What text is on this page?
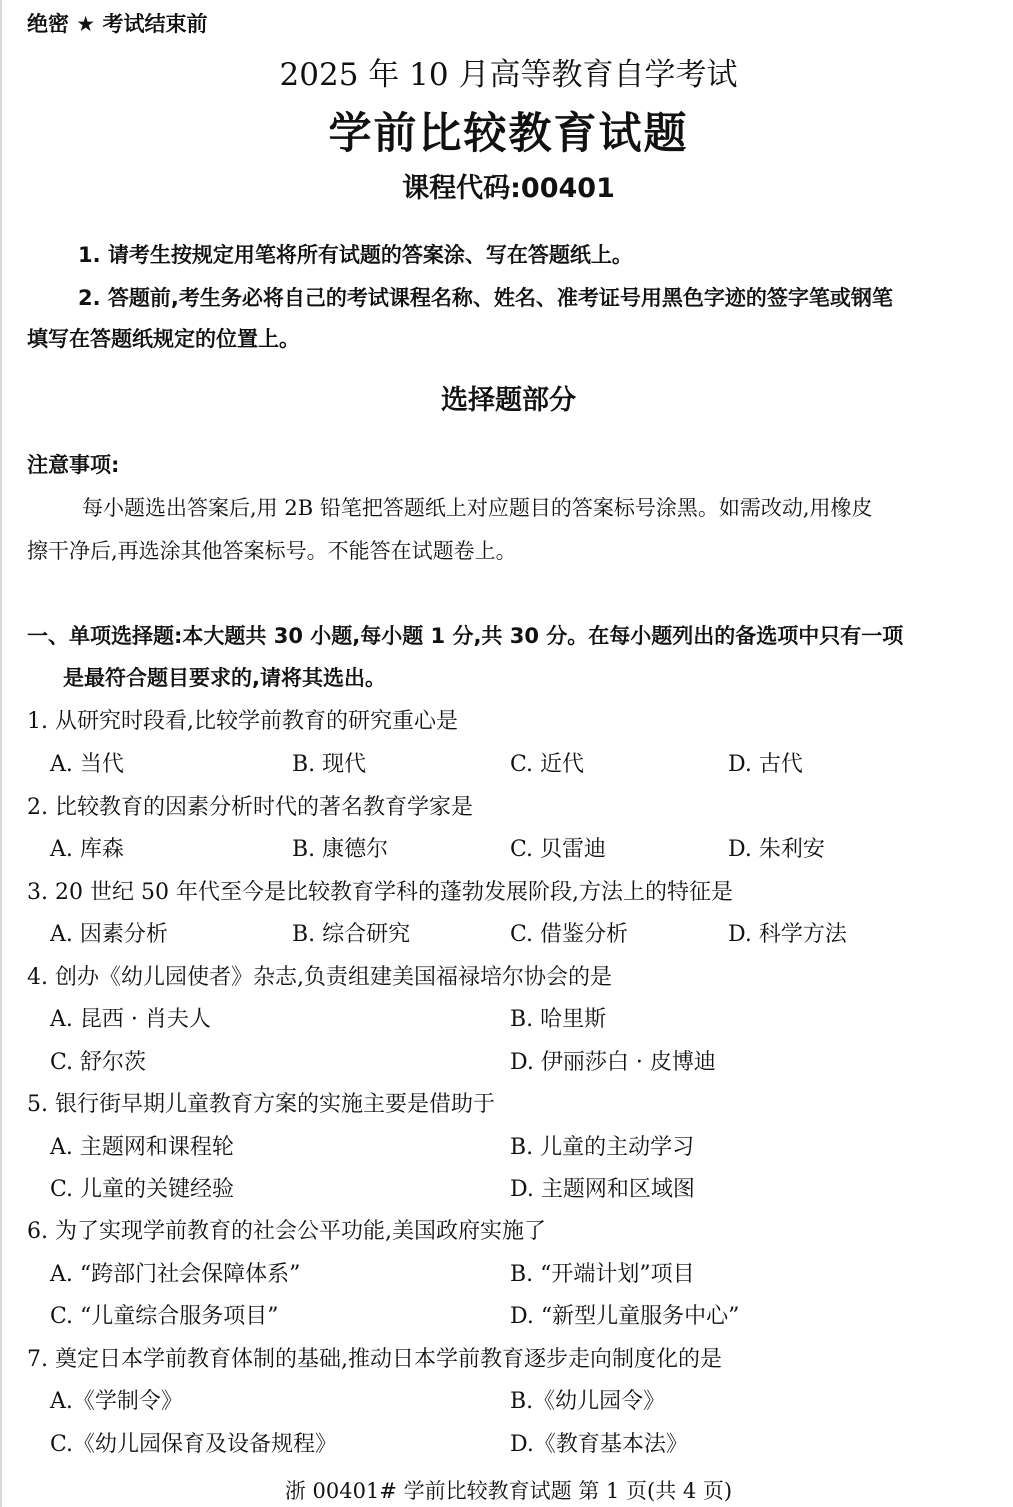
绝密 ★ 考试结束前
2025 年 10 月高等教育自学考试
学前比较教育试题
课程代码:00401
1. 请考生按规定用笔将所有试题的答案涂、写在答题纸上。
2. 答题前,考生务必将自己的考试课程名称、姓名、准考证号用黑色字迹的签字笔或钢笔
填写在答题纸规定的位置上。
选择题部分
注意事项:
每小题选出答案后,用 2B 铅笔把答题纸上对应题目的答案标号涂黑。如需改动,用橡皮
擦干净后,再选涂其他答案标号。不能答在试题卷上。
一、单项选择题:本大题共 30 小题,每小题 1 分,共 30 分。在每小题列出的备选项中只有一项
是最符合题目要求的,请将其选出。
1. 从研究时段看,比较学前教育的研究重心是
A. 当代	B. 现代	C. 近代	D. 古代
2. 比较教育的因素分析时代的著名教育学家是
A. 库森	B. 康德尔	C. 贝雷迪	D. 朱利安
3. 20 世纪 50 年代至今是比较教育学科的蓬勃发展阶段,方法上的特征是
A. 因素分析	B. 综合研究	C. 借鉴分析	D. 科学方法
4. 创办《幼儿园使者》杂志,负责组建美国福禄培尔协会的是
A. 昆西 · 肖夫人	B. 哈里斯
C. 舒尔茨	D. 伊丽莎白 · 皮博迪
5. 银行街早期儿童教育方案的实施主要是借助于
A. 主题网和课程轮	B. 儿童的主动学习
C. 儿童的关键经验	D. 主题网和区域图
6. 为了实现学前教育的社会公平功能,美国政府实施了
A. “跨部门社会保障体系”	B. “开端计划”项目
C. “儿童综合服务项目”	D. “新型儿童服务中心”
7. 奠定日本学前教育体制的基础,推动日本学前教育逐步走向制度化的是
A.《学制令》	B.《幼儿园令》
C.《幼儿园保育及设备规程》	D.《教育基本法》
浙 00401# 学前比较教育试题 第 1 页(共 4 页)
